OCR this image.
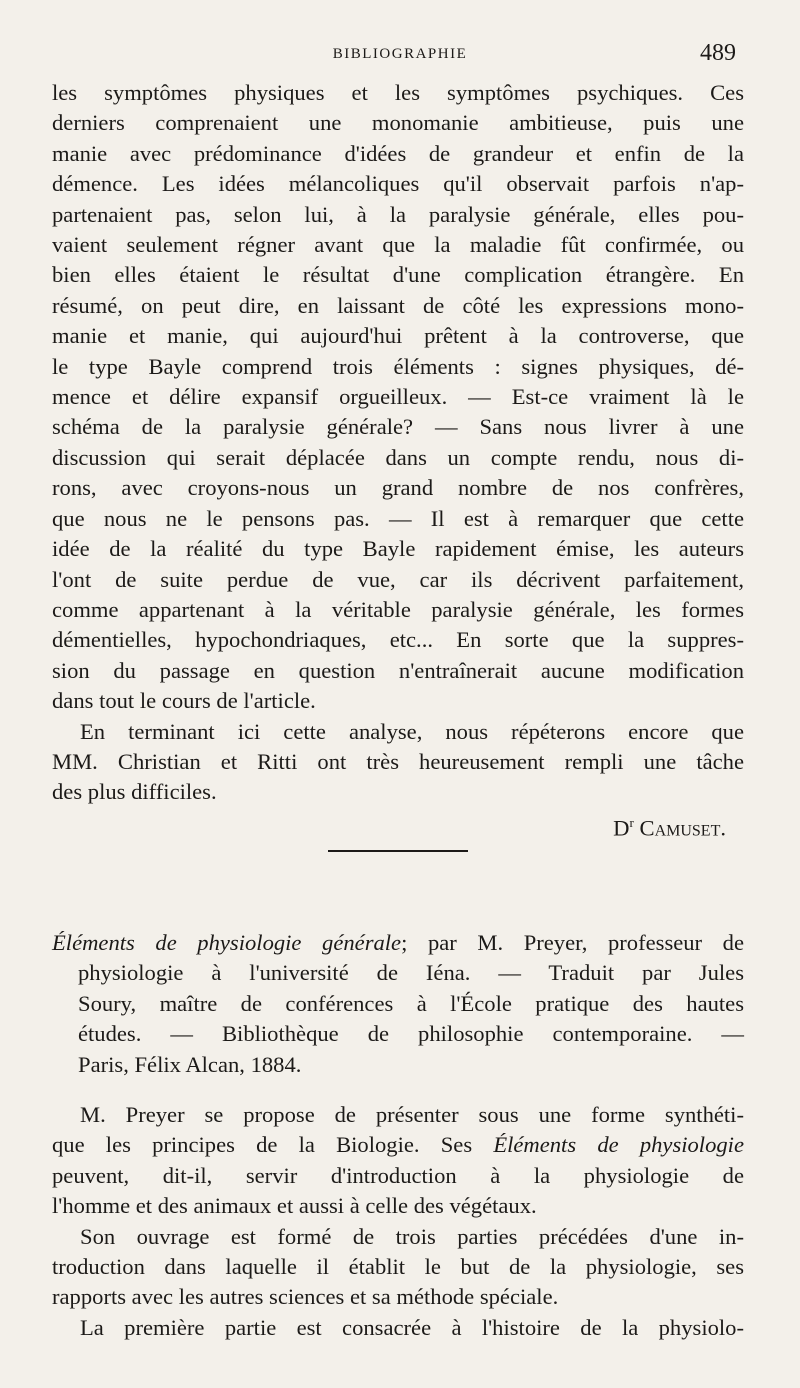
BIBLIOGRAPHIE	489

les symptômes physiques et les symptômes psychiques. Ces
derniers comprenaient une monomanie ambitieuse, puis une
manie avec prédominance d'idées de grandeur et enfin de la
démence. Les idées mélancoliques qu'il observait parfois n'ap-
partenaient pas, selon lui, à la paralysie générale, elles pou-
vaient seulement régner avant que la maladie fût confirmée, ou
bien elles étaient le résultat d'une complication étrangère. En
résumé, on peut dire, en laissant de côté les expressions mono-
manie et manie, qui aujourd'hui prêtent à la controverse, que
le type Bayle comprend trois éléments : signes physiques, dé-
mence et délire expansif orgueilleux. — Est-ce vraiment là le
schéma de la paralysie générale? — Sans nous livrer à une
discussion qui serait déplacée dans un compte rendu, nous di-
rons, avec croyons-nous un grand nombre de nos confrères,
que nous ne le pensons pas. — Il est à remarquer que cette
idée de la réalité du type Bayle rapidement émise, les auteurs
l'ont de suite perdue de vue, car ils décrivent parfaitement,
comme appartenant à la véritable paralysie générale, les formes
démentielles, hypochondriaques, etc... En sorte que la suppres-
sion du passage en question n'entraînerait aucune modification
dans tout le cours de l'article.

En terminant ici cette analyse, nous répéterons encore que
MM. Christian et Ritti ont très heureusement rempli une tâche
des plus difficiles.

$D^r$ Camuset.

Éléments de physiologie générale; par M. Preyer, professeur de
physiologie à l'université de Iéna. — Traduit par Jules
Soury, maître de conférences à l'École pratique des hautes
études. — Bibliothèque de philosophie contemporaine. —
Paris, Félix Alcan, 1884.

M. Preyer se propose de présenter sous une forme synthéti-
que les principes de la Biologie. Ses Éléments de physiologie
peuvent, dit-il, servir d'introduction à la physiologie de
l'homme et des animaux et aussi à celle des végétaux.

Son ouvrage est formé de trois parties précédées d'une in-
troduction dans laquelle il établit le but de la physiologie, ses
rapports avec les autres sciences et sa méthode spéciale.

La première partie est consacrée à l'histoire de la physiolo-
